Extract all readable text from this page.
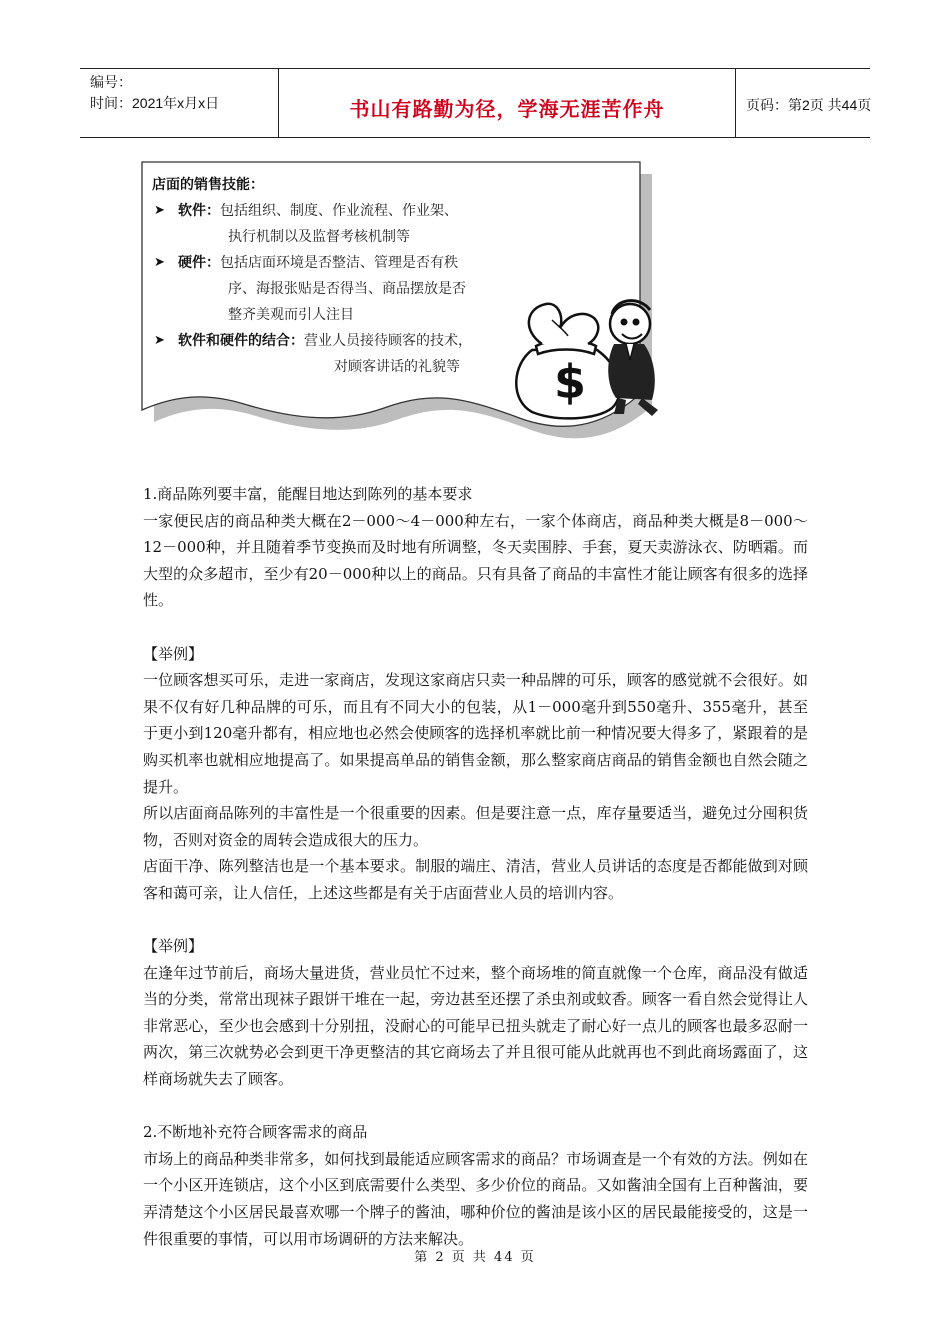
编号：
时间：2021年x月x日	书山有路勤为径，学海无涯苦作舟	页码：第2页 共44页
店面的销售技能：
➤ 软件：包括组织、制度、作业流程、作业架、
执行机制以及监督考核机制等
➤ 硬件：包括店面环境是否整洁、管理是否有秩
序、海报张贴是否得当、商品摆放是否
整齐美观而引人注目
➤ 软件和硬件的结合：营业人员接待顾客的技术，
对顾客讲话的礼貌等 $

1.商品陈列要丰富，能醒目地达到陈列的基本要求

一家便民店的商品种类大概在2－000～4－000种左右，一家个体商店，商品种类大概是8－000～12－000种，并且随着季节变换而及时地有所调整，冬天卖围脖、手套，夏天卖游泳衣、防晒霜。而大型的众多超市，至少有20－000种以上的商品。只有具备了商品的丰富性才能让顾客有很多的选择性。

【举例】

一位顾客想买可乐，走进一家商店，发现这家商店只卖一种品牌的可乐，顾客的感觉就不会很好。如果不仅有好几种品牌的可乐，而且有不同大小的包装，从1－000毫升到550毫升、355毫升，甚至于更小到120毫升都有，相应地也必然会使顾客的选择机率就比前一种情况要大得多了，紧跟着的是购买机率也就相应地提高了。如果提高单品的销售金额，那么整家商店商品的销售金额也自然会随之提升。

所以店面商品陈列的丰富性是一个很重要的因素。但是要注意一点，库存量要适当，避免过分囤积货物，否则对资金的周转会造成很大的压力。

店面干净、陈列整洁也是一个基本要求。制服的端庄、清洁，营业人员讲话的态度是否都能做到对顾客和蔼可亲，让人信任，上述这些都是有关于店面营业人员的培训内容。

【举例】

在逢年过节前后，商场大量进货，营业员忙不过来，整个商场堆的简直就像一个仓库，商品没有做适当的分类，常常出现袜子跟饼干堆在一起，旁边甚至还摆了杀虫剂或蚊香。顾客一看自然会觉得让人非常恶心，至少也会感到十分别扭，没耐心的可能早已扭头就走了耐心好一点儿的顾客也最多忍耐一两次，第三次就势必会到更干净更整洁的其它商场去了并且很可能从此就再也不到此商场露面了，这样商场就失去了顾客。

2.不断地补充符合顾客需求的商品

市场上的商品种类非常多，如何找到最能适应顾客需求的商品？市场调查是一个有效的方法。例如在一个小区开连锁店，这个小区到底需要什么类型、多少价位的商品。又如酱油全国有上百种酱油，要弄清楚这个小区居民最喜欢哪一个牌子的酱油，哪种价位的酱油是该小区的居民最能接受的，这是一件很重要的事情，可以用市场调研的方法来解决。

第 2 页 共 44 页
